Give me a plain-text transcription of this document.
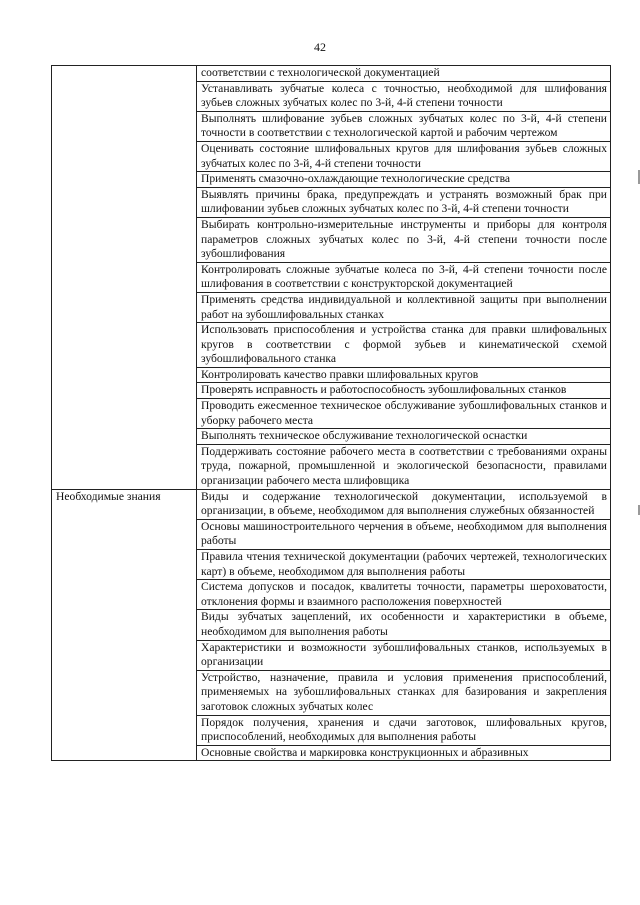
42
	соответствии с технологической документацией
	Устанавливать зубчатые колеса с точностью, необходимой для шлифования зубьев сложных зубчатых колес по 3-й, 4-й степени точности
	Выполнять шлифование зубьев сложных зубчатых колес по 3-й, 4-й степени точности в соответствии с технологической картой и рабочим чертежом
	Оценивать состояние шлифовальных кругов для шлифования зубьев сложных зубчатых колес по 3-й, 4-й степени точности
	Применять смазочно-охлаждающие технологические средства
	Выявлять причины брака, предупреждать и устранять возможный брак при шлифовании зубьев сложных зубчатых колес по 3-й, 4-й степени точности
	Выбирать контрольно-измерительные инструменты и приборы для контроля параметров сложных зубчатых колес по 3-й, 4-й степени точности после зубошлифования
	Контролировать сложные зубчатые колеса по 3-й, 4-й степени точности после шлифования в соответствии с конструкторской документацией
	Применять средства индивидуальной и коллективной защиты при выполнении работ на зубошлифовальных станках
	Использовать приспособления и устройства станка для правки шлифовальных кругов в соответствии с формой зубьев и кинематической схемой зубошлифовального станка
	Контролировать качество правки шлифовальных кругов
	Проверять исправность и работоспособность зубошлифовальных станков
	Проводить ежесменное техническое обслуживание зубошлифовальных станков и уборку рабочего места
	Выполнять техническое обслуживание технологической оснастки
	Поддерживать состояние рабочего места в соответствии с требованиями охраны труда, пожарной, промышленной и экологической безопасности, правилами организации рабочего места шлифовщика
Необходимые знания	Виды и содержание технологической документации, используемой в организации, в объеме, необходимом для выполнения служебных обязанностей
	Основы машиностроительного черчения в объеме, необходимом для выполнения работы
	Правила чтения технической документации (рабочих чертежей, технологических карт) в объеме, необходимом для выполнения работы
	Система допусков и посадок, квалитеты точности, параметры шероховатости, отклонения формы и взаимного расположения поверхностей
	Виды зубчатых зацеплений, их особенности и характеристики в объеме, необходимом для выполнения работы
	Характеристики и возможности зубошлифовальных станков, используемых в организации
	Устройство, назначение, правила и условия применения приспособлений, применяемых на зубошлифовальных станках для базирования и закрепления заготовок сложных зубчатых колес
	Порядок получения, хранения и сдачи заготовок, шлифовальных кругов, приспособлений, необходимых для выполнения работы
	Основные свойства и маркировка конструкционных и абразивных
